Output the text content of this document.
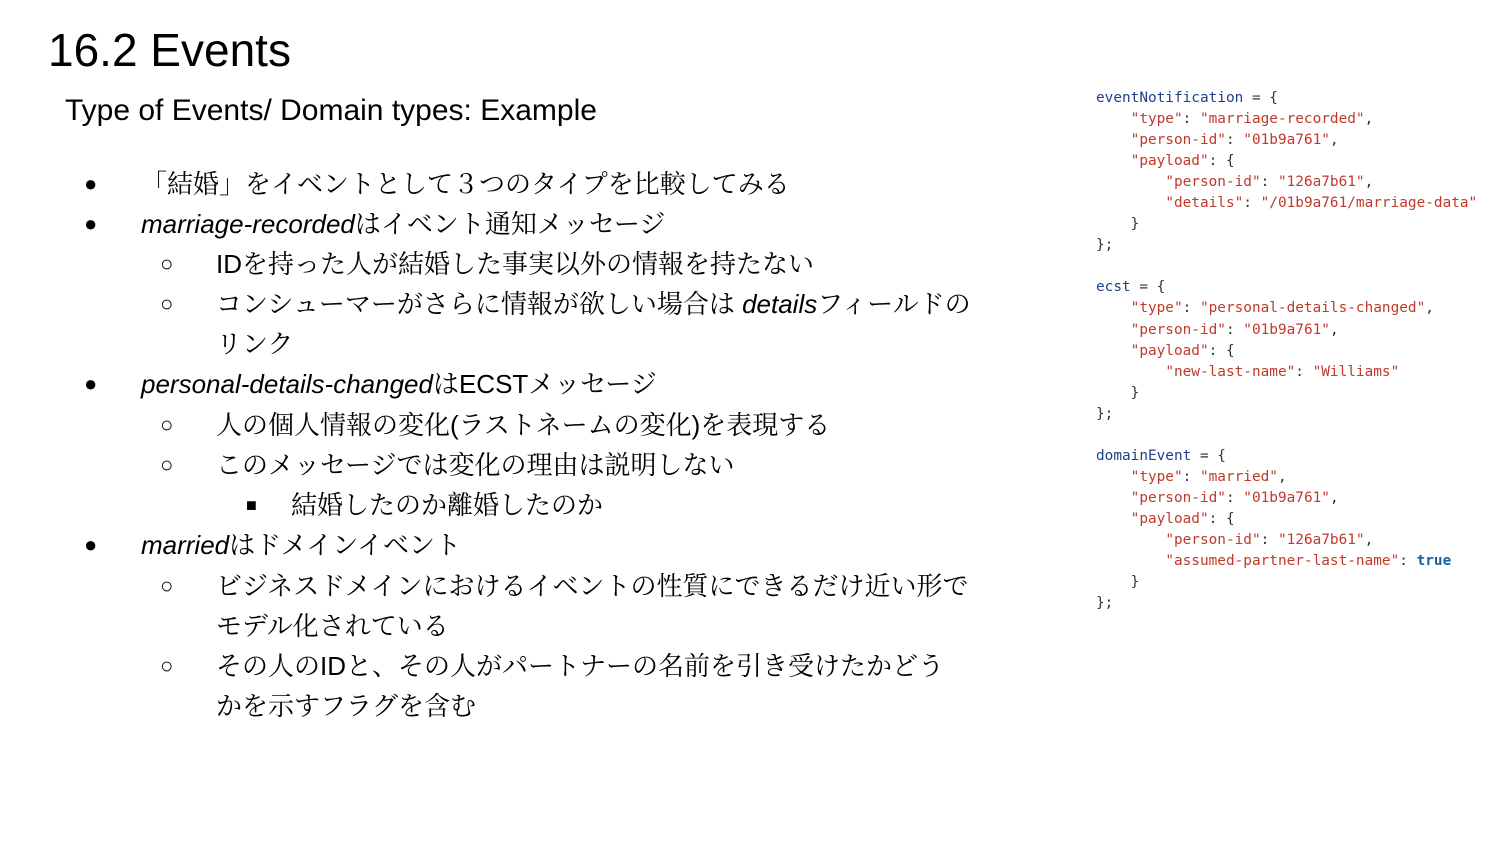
16.2 Events
Type of Events/ Domain types: Example
● 「結婚」をイベントとして３つのタイプを比較してみる
● marriage-recordedはイベント通知メッセージ
○ IDを持った人が結婚した事実以外の情報を持たない
○ コンシューマーがさらに情報が欲しい場合は detailsフィールドの
リンク
● personal-details-changedはECSTメッセージ
○ 人の個人情報の変化(ラストネームの変化)を表現する
○ このメッセージでは変化の理由は説明しない
■ 結婚したのか離婚したのか
● marriedはドメインイベント
○ ビジネスドメインにおけるイベントの性質にできるだけ近い形で
モデル化されている
○ その人のIDと、その人がパートナーの名前を引き受けたかどう
かを示すフラグを含む
eventNotification = {
"type": "marriage-recorded",
"person-id": "01b9a761",
"payload": {
"person-id": "126a7b61",
"details": "/01b9a761/marriage-data"
}
};

ecst = {
"type": "personal-details-changed",
"person-id": "01b9a761",
"payload": {
"new-last-name": "Williams"
}
};

domainEvent = {
"type": "married",
"person-id": "01b9a761",
"payload": {
"person-id": "126a7b61",
"assumed-partner-last-name": true
}
};
